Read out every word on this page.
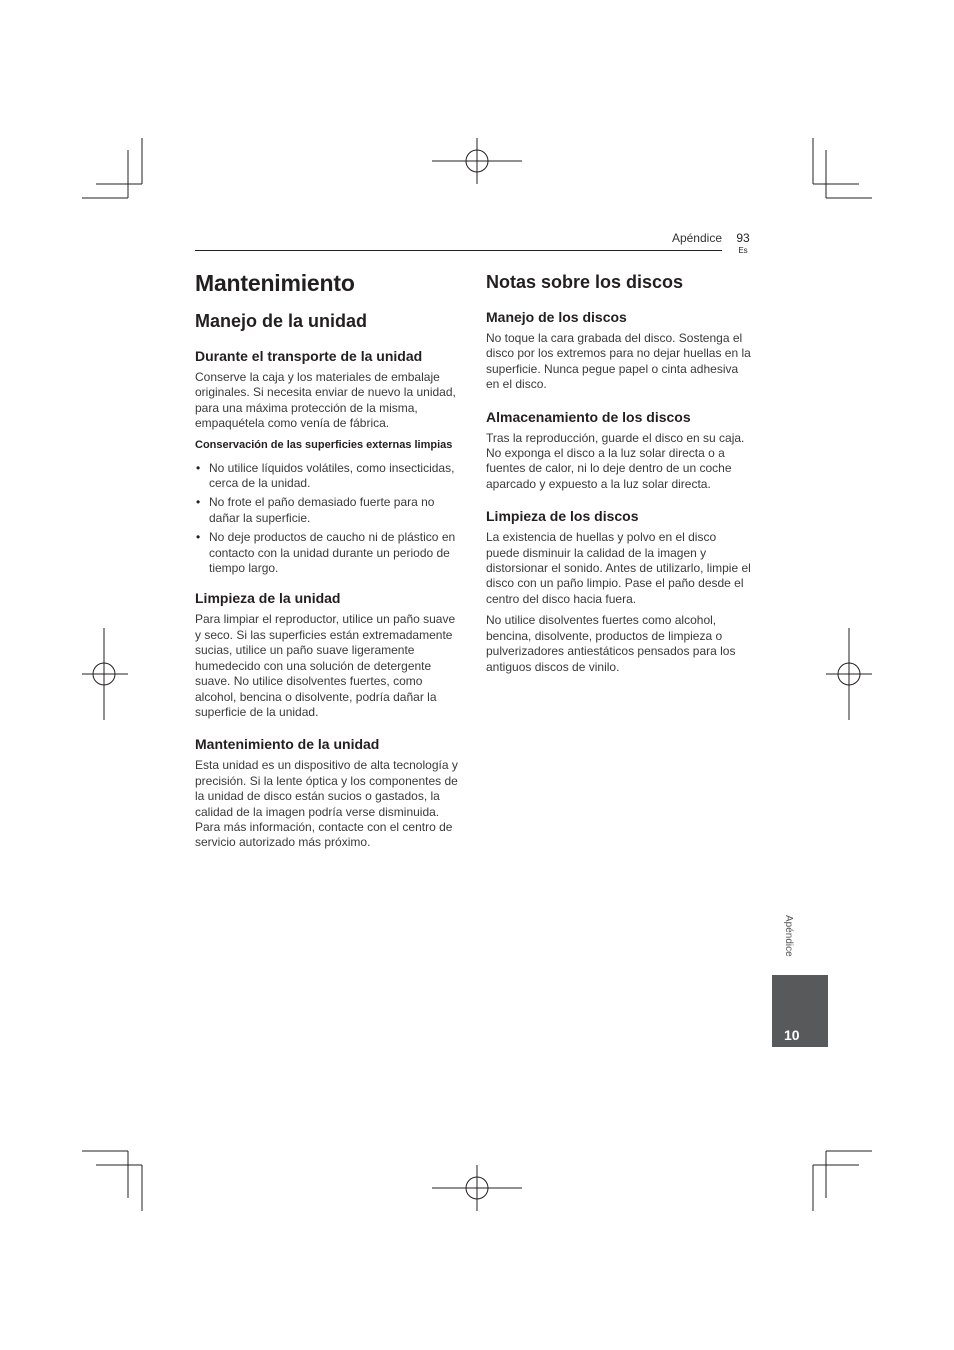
Apéndice 93
Es
Mantenimiento
Manejo de la unidad
Durante el transporte de la unidad

Conserve la caja y los materiales de embalaje originales. Si necesita enviar de nuevo la unidad, para una máxima protección de la misma, empaquétela como venía de fábrica.

Conservación de las superficies externas limpias
• No utilice líquidos volátiles, como insecticidas, cerca de la unidad.
• No frote el paño demasiado fuerte para no dañar la superficie.
• No deje productos de caucho ni de plástico en contacto con la unidad durante un periodo de tiempo largo.
Limpieza de la unidad

Para limpiar el reproductor, utilice un paño suave y seco. Si las superficies están extremadamente sucias, utilice un paño suave ligeramente humedecido con una solución de detergente suave. No utilice disolventes fuertes, como alcohol, bencina o disolvente, podría dañar la superficie de la unidad.

Mantenimiento de la unidad

Esta unidad es un dispositivo de alta tecnología y precisión. Si la lente óptica y los componentes de la unidad de disco están sucios o gastados, la calidad de la imagen podría verse disminuida. Para más información, contacte con el centro de servicio autorizado más próximo.

Notas sobre los discos
Manejo de los discos

No toque la cara grabada del disco. Sostenga el disco por los extremos para no dejar huellas en la superficie. Nunca pegue papel o cinta adhesiva en el disco.

Almacenamiento de los discos

Tras la reproducción, guarde el disco en su caja. No exponga el disco a la luz solar directa o a fuentes de calor, ni lo deje dentro de un coche aparcado y expuesto a la luz solar directa.

Limpieza de los discos

La existencia de huellas y polvo en el disco puede disminuir la calidad de la imagen y distorsionar el sonido. Antes de utilizarlo, limpie el disco con un paño limpio. Pase el paño desde el centro del disco hacia fuera.

No utilice disolventes fuertes como alcohol, bencina, disolvente, productos de limpieza o pulverizadores antiestáticos pensados para los antiguos discos de vinilo.

Apéndice
10
